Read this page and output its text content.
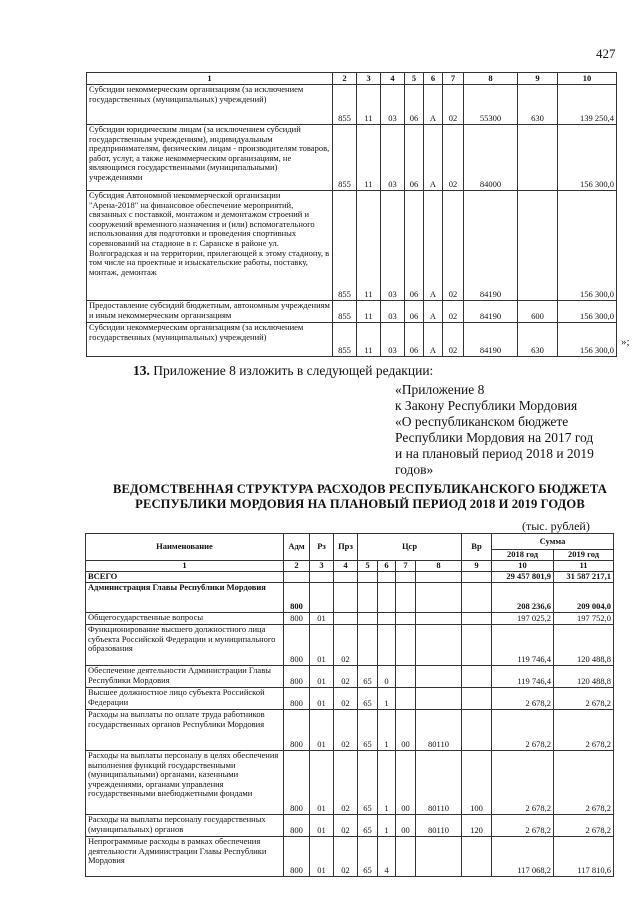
427
1	2	3	4	5	6	7	8	9	10
Субсидии некоммерческим организациям (за исключением государственных (муниципальных) учреждений)	855	11	03	06	А	02	55300	630	139 250,4
Субсидии юридическим лицам (за исключением субсидий государственным учреждениям), индивидуальным предпринимателям, физическим лицам - производителям товаров, работ, услуг, а также некоммерческим организациям, не являющимся государственными (муниципальными) учреждениями	855	11	03	06	А	02	84000		156 300,0
Субсидия Автономной некоммерческой организации "Арена-2018" на финансовое обеспечение мероприятий, связанных с поставкой, монтажом и демонтажом строений и сооружений временного назначения и (или) вспомогательного использования для подготовки и проведения спортивных соревнований на стадионе в г. Саранске в районе ул. Волгоградская и на территории, прилегающей к этому стадиону, в том числе на проектные и изыскательские работы, поставку, монтаж, демонтаж	855	11	03	06	А	02	84190		156 300,0
Предоставление субсидий бюджетным, автономным учреждениям и иным некоммерческим организациям	855	11	03	06	А	02	84190	600	156 300,0
Субсидии некоммерческим организациям (за исключением государственных (муниципальных) учреждений)	855	11	03	06	А	02	84190	630	156 300,0
»;
13. Приложение 8 изложить в следующей редакции:
«Приложение 8
к Закону Республики Мордовия
«О республиканском бюджете
Республики Мордовия на 2017 год
и на плановый период 2018 и 2019
годов»
ВЕДОМСТВЕННАЯ СТРУКТУРА РАСХОДОВ РЕСПУБЛИКАНСКОГО БЮДЖЕТА
РЕСПУБЛИКИ МОРДОВИЯ НА ПЛАНОВЫЙ ПЕРИОД 2018 И 2019 ГОДОВ
(тыс. рублей)
Наименование	Адм	Рз	Прз	Цср				Вр	Сумма	
									2018 год	2019 год
1	2	3	4	5	6	7	8	9	10	11
ВСЕГО									29 457 801,9	31 587 217,1
Администрация Главы Республики Мордовия	800								208 236,6	209 004,0
Общегосударственные вопросы	800	01							197 025,2	197 752,0
Функционирование высшего должностного лица субъекта Российской Федерации и муниципального образования	800	01	02						119 746,4	120 488,8
Обеспечение деятельности Администрации Главы Республики Мордовия	800	01	02	65	0				119 746,4	120 488,8
Высшее должностное лицо субъекта Российской Федерации	800	01	02	65	1				2 678,2	2 678,2
Расходы на выплаты по оплате труда работников государственных органов Республики Мордовия	800	01	02	65	1	00	80110		2 678,2	2 678,2
Расходы на выплаты персоналу в целях обеспечения выполнения функций государственными (муниципальными) органами, казенными учреждениями, органами управления государственными внебюджетными фондами	800	01	02	65	1	00	80110	100	2 678,2	2 678,2
Расходы на выплаты персоналу государственных (муниципальных) органов	800	01	02	65	1	00	80110	120	2 678,2	2 678,2
Непрограммные расходы в рамках обеспечения деятельности Администрации Главы Республики Мордовия	800	01	02	65	4				117 068,2	117 810,6
